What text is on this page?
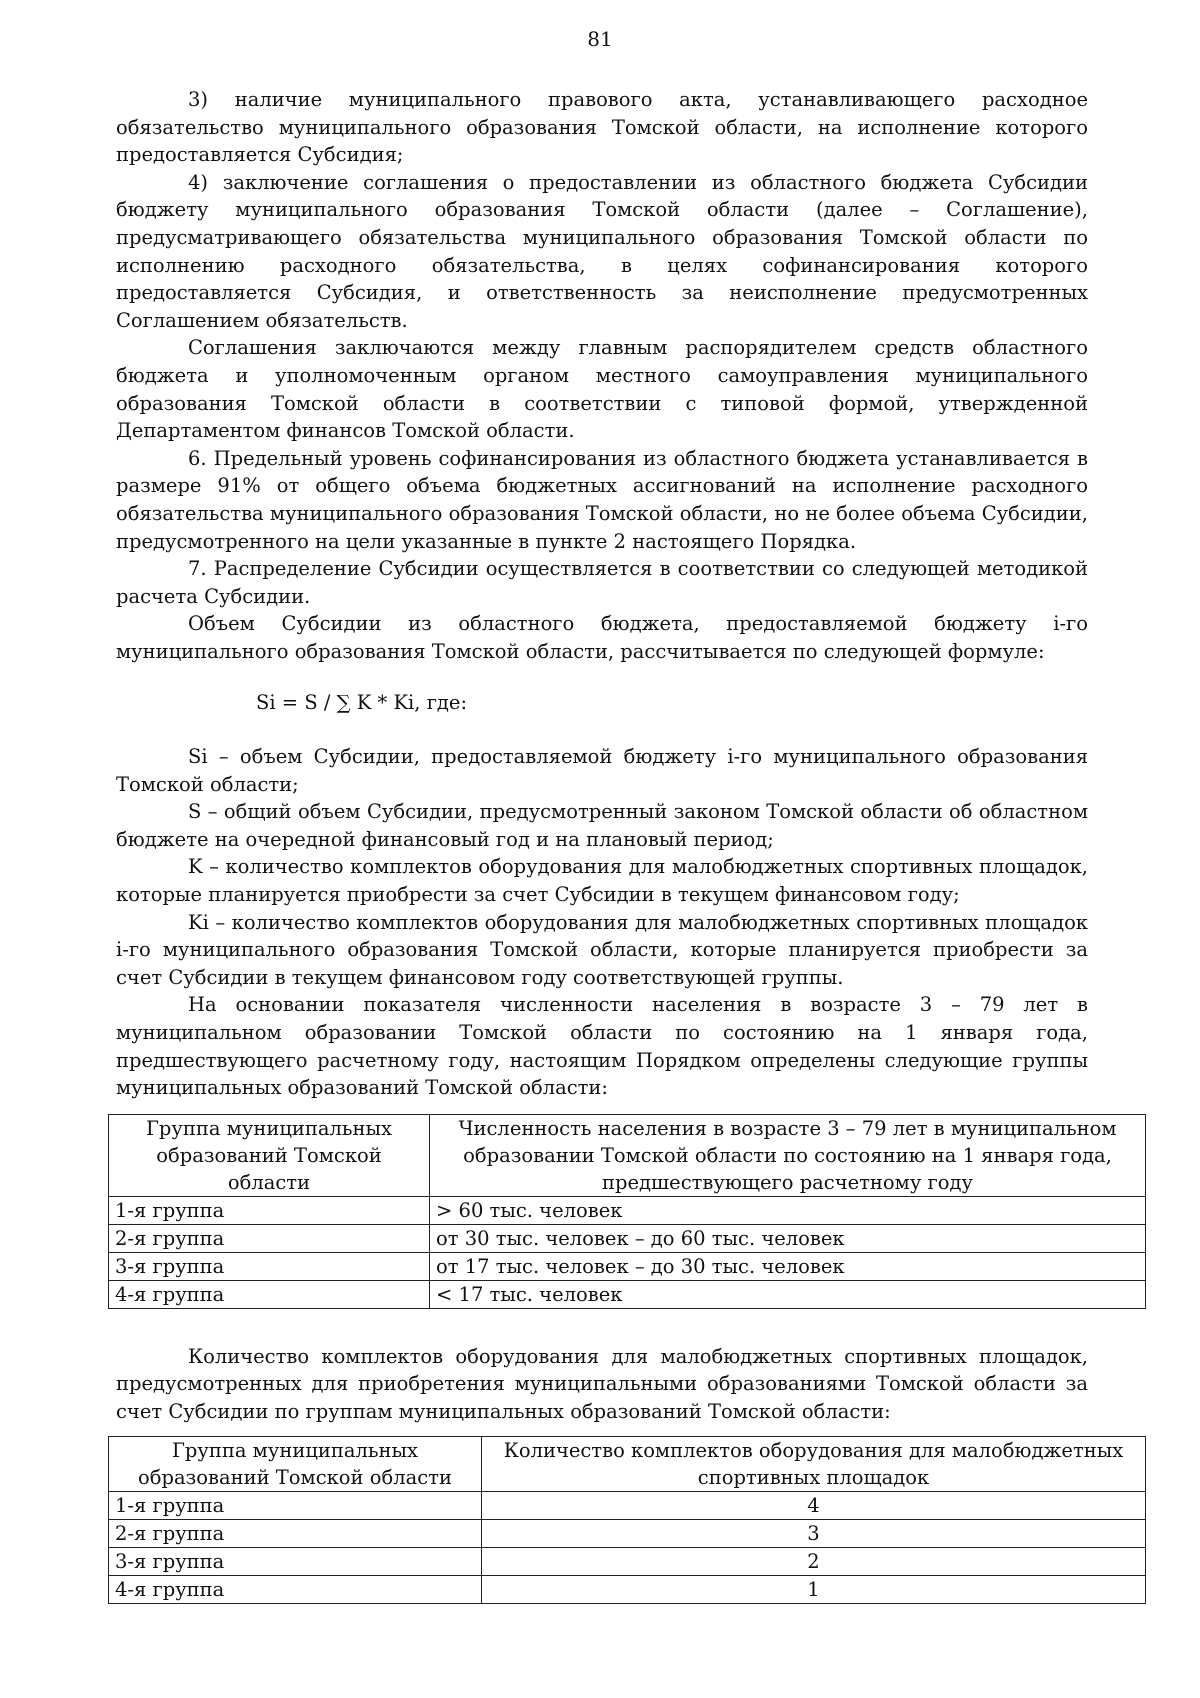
81

3) наличие муниципального правового акта, устанавливающего расходное обязательство муниципального образования Томской области, на исполнение которого предоставляется Субсидия;

4) заключение соглашения о предоставлении из областного бюджета Субсидии бюджету муниципального образования Томской области (далее – Соглашение), предусматривающего обязательства муниципального образования Томской области по исполнению расходного обязательства, в целях софинансирования которого предоставляется Субсидия, и ответственность за неисполнение предусмотренных Соглашением обязательств.

Соглашения заключаются между главным распорядителем средств областного бюджета и уполномоченным органом местного самоуправления муниципального образования Томской области в соответствии с типовой формой, утвержденной Департаментом финансов Томской области.

6. Предельный уровень софинансирования из областного бюджета устанавливается в размере 91% от общего объема бюджетных ассигнований на исполнение расходного обязательства муниципального образования Томской области, но не более объема Субсидии, предусмотренного на цели указанные в пункте 2 настоящего Порядка.

7. Распределение Субсидии осуществляется в соответствии со следующей методикой расчета Субсидии.

Объем Субсидии из областного бюджета, предоставляемой бюджету i-го муниципального образования Томской области, рассчитывается по следующей формуле:

Si = S / ∑ K * Ki, где:

Si – объем Субсидии, предоставляемой бюджету i-го муниципального образования Томской области;

S – общий объем Субсидии, предусмотренный законом Томской области об областном бюджете на очередной финансовый год и на плановый период;

K – количество комплектов оборудования для малобюджетных спортивных площадок, которые планируется приобрести за счет Субсидии в текущем финансовом году;

Ki – количество комплектов оборудования для малобюджетных спортивных площадок i-го муниципального образования Томской области, которые планируется приобрести за счет Субсидии в текущем финансовом году соответствующей группы.

На основании показателя численности населения в возрасте 3 – 79 лет в муниципальном образовании Томской области по состоянию на 1 января года, предшествующего расчетному году, настоящим Порядком определены следующие группы муниципальных образований Томской области:

Группа муниципальных образований Томской области	Численность населения в возрасте 3 – 79 лет в муниципальном образовании Томской области по состоянию на 1 января года, предшествующего расчетному году
1-я группа	> 60 тыс. человек
2-я группа	от 30 тыс. человек – до 60 тыс. человек
3-я группа	от 17 тыс. человек – до 30 тыс. человек
4-я группа	< 17 тыс. человек

Количество комплектов оборудования для малобюджетных спортивных площадок, предусмотренных для приобретения муниципальными образованиями Томской области за счет Субсидии по группам муниципальных образований Томской области:

Группа муниципальных образований Томской области	Количество комплектов оборудования для малобюджетных спортивных площадок
1-я группа	4
2-я группа	3
3-я группа	2
4-я группа	1
